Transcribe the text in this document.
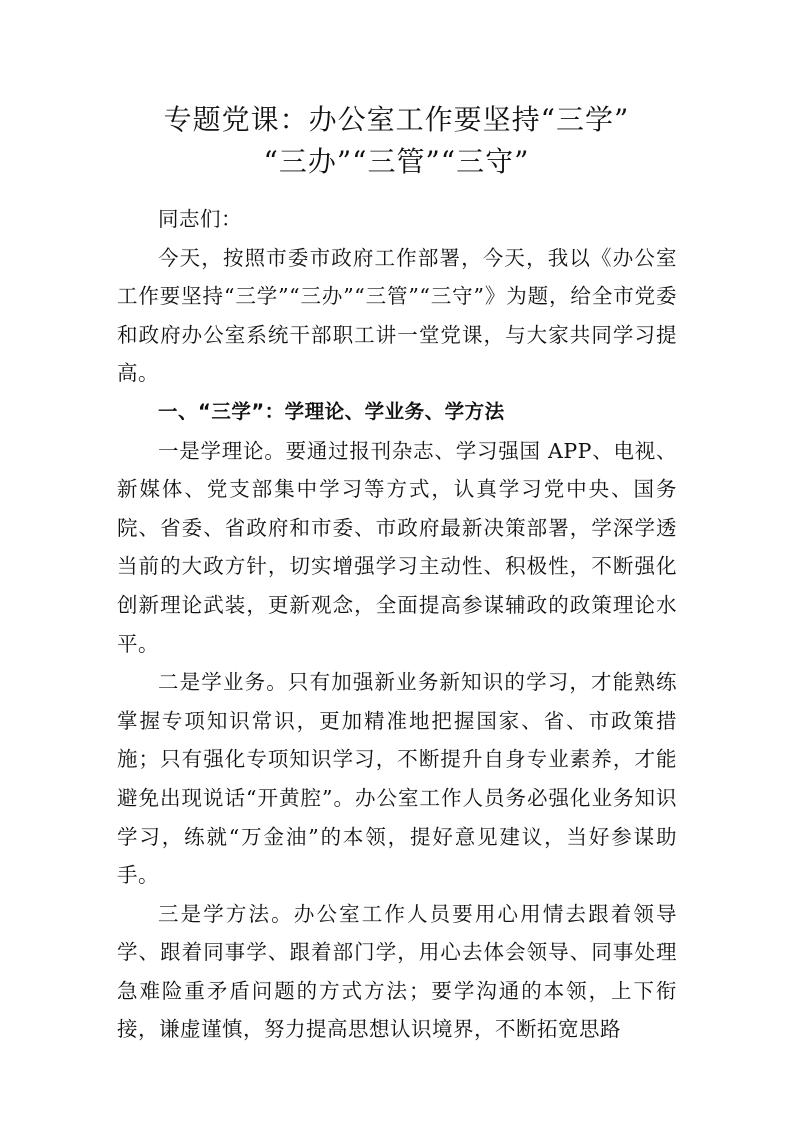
专题党课：办公室工作要坚持“三学”
“三办”“三管”“三守”

同志们：

今天，按照市委市政府工作部署，今天，我以《办公室工作要坚持“三学”“三办”“三管”“三守”》为题，给全市党委和政府办公室系统干部职工讲一堂党课，与大家共同学习提高。

一、“三学”：学理论、学业务、学方法

一是学理论。要通过报刊杂志、学习强国 APP、电视、新媒体、党支部集中学习等方式，认真学习党中央、国务院、省委、省政府和市委、市政府最新决策部署，学深学透当前的大政方针，切实增强学习主动性、积极性，不断强化创新理论武装，更新观念，全面提高参谋辅政的政策理论水平。

二是学业务。只有加强新业务新知识的学习，才能熟练掌握专项知识常识，更加精准地把握国家、省、市政策措施；只有强化专项知识学习，不断提升自身专业素养，才能避免出现说话“开黄腔”。办公室工作人员务必强化业务知识学习，练就“万金油”的本领，提好意见建议，当好参谋助手。

三是学方法。办公室工作人员要用心用情去跟着领导学、跟着同事学、跟着部门学，用心去体会领导、同事处理急难险重矛盾问题的方式方法；要学沟通的本领，上下衔接，谦虚谨慎，努力提高思想认识境界，不断拓宽思路
